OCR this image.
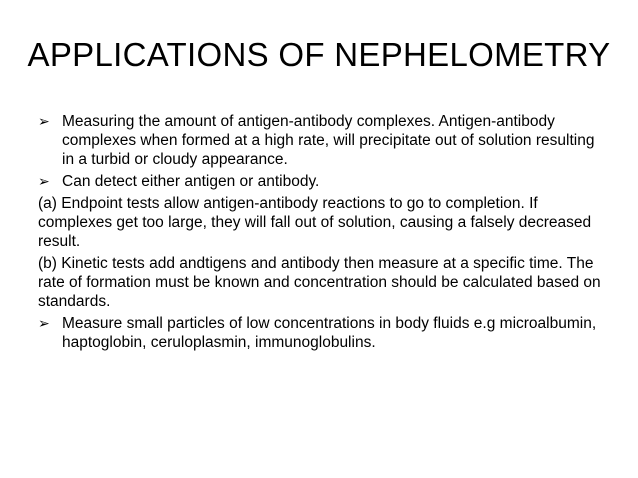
APPLICATIONS OF NEPHELOMETRY
➢ Measuring the amount of antigen-antibody complexes. Antigen-antibody complexes when formed at a high rate, will precipitate out of solution resulting in a turbid or cloudy appearance.
➢ Can detect either antigen or antibody.
(a) Endpoint tests allow antigen-antibody reactions to go to completion. If complexes get too large, they will fall out of solution, causing a falsely decreased result.
(b) Kinetic tests add andtigens and antibody then measure at a specific time. The rate of formation must be known and concentration should be calculated based on standards.
➢ Measure small particles of low concentrations in body fluids e.g microalbumin, haptoglobin, ceruloplasmin, immunoglobulins.
